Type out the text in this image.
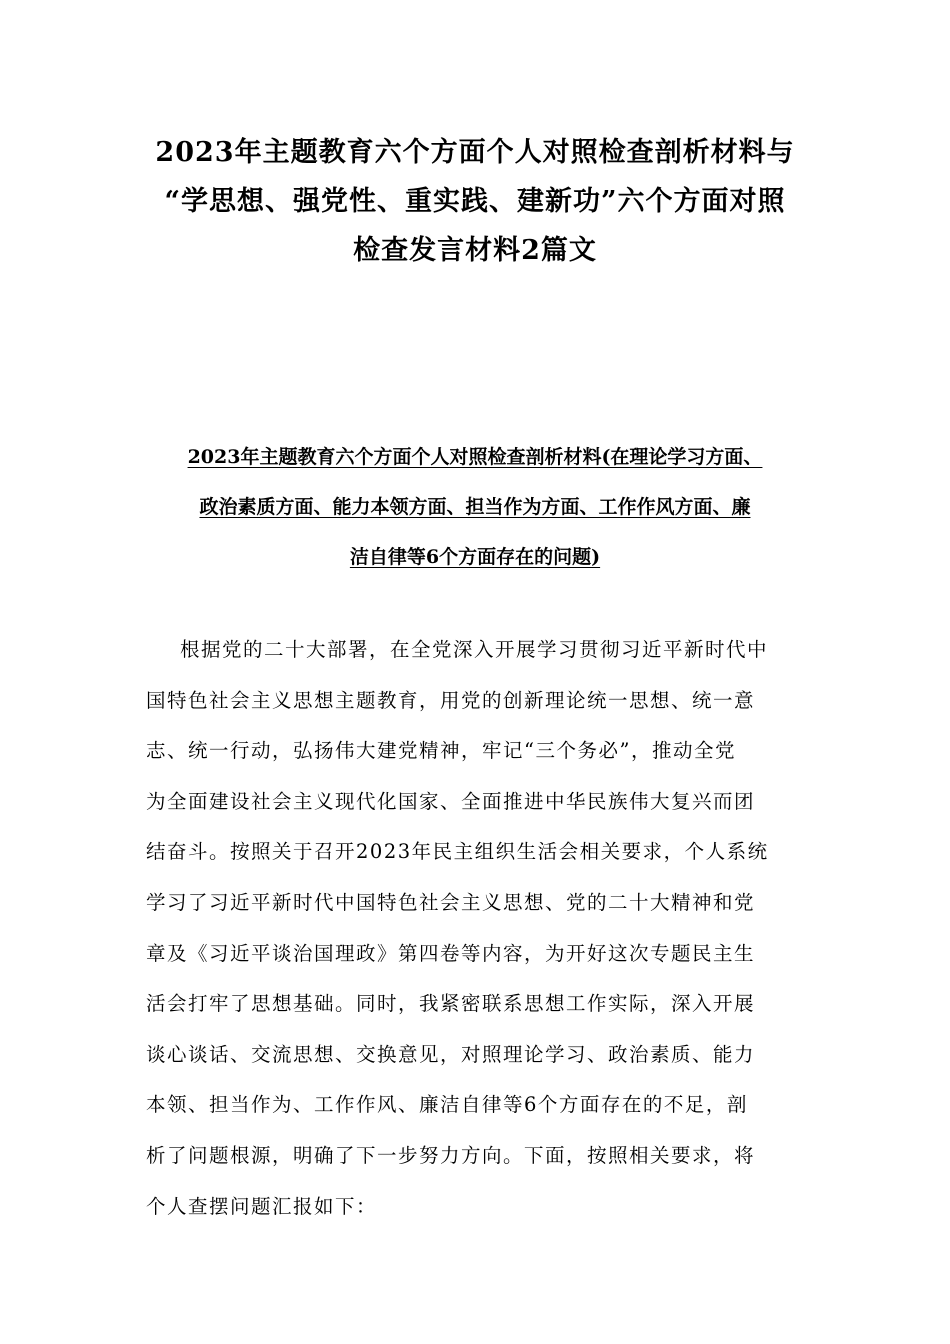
2023年主题教育六个方面个人对照检查剖析材料与
“学思想、强党性、重实践、建新功”六个方面对照
检查发言材料2篇文
2023年主题教育六个方面个人对照检查剖析材料(在理论学习方面、
政治素质方面、能力本领方面、担当作为方面、工作作风方面、廉
洁自律等6个方面存在的问题)
根据党的二十大部署，在全党深入开展学习贯彻习近平新时代中
国特色社会主义思想主题教育，用党的创新理论统一思想、统一意
志、统一行动，弘扬伟大建党精神，牢记“三个务必”，推动全党
为全面建设社会主义现代化国家、全面推进中华民族伟大复兴而团
结奋斗。按照关于召开2023年民主组织生活会相关要求，个人系统
学习了习近平新时代中国特色社会主义思想、党的二十大精神和党
章及《习近平谈治国理政》第四卷等内容，为开好这次专题民主生
活会打牢了思想基础。同时，我紧密联系思想工作实际，深入开展
谈心谈话、交流思想、交换意见，对照理论学习、政治素质、能力
本领、担当作为、工作作风、廉洁自律等6个方面存在的不足，剖
析了问题根源，明确了下一步努力方向。下面，按照相关要求，将
个人查摆问题汇报如下：
